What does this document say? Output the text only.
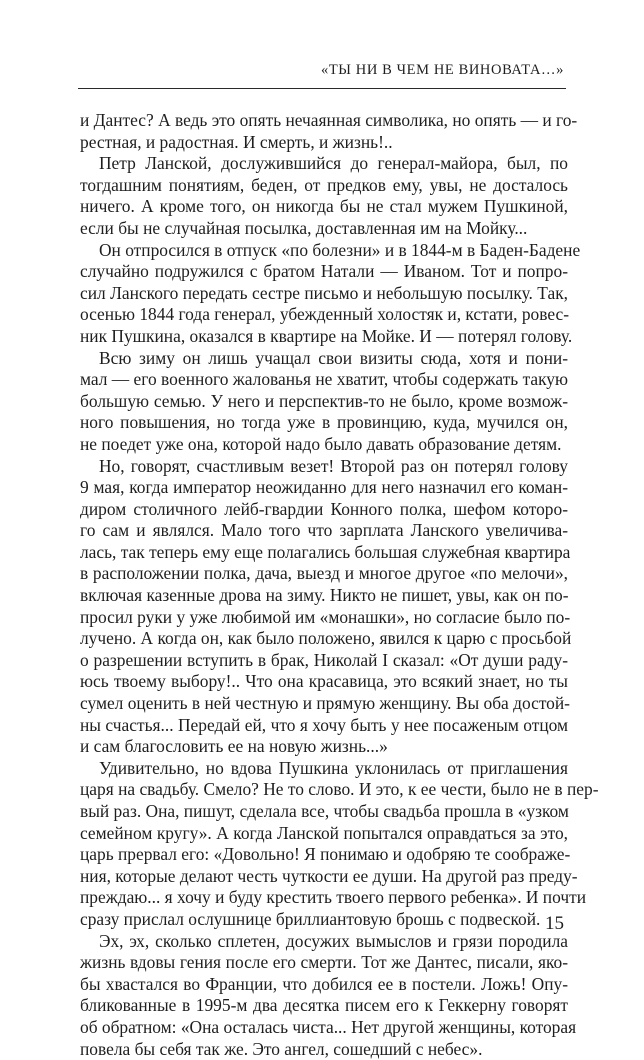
«ТЫ НИ В ЧЕМ НЕ ВИНОВАТА…»
и Дантес? А ведь это опять нечаянная символика, но опять — и го-
рестная, и радостная. И смерть, и жизнь!..
Петр Ланской, дослужившийся до генерал-майора, был, по
тогдашним понятиям, беден, от предков ему, увы, не досталось
ничего. А кроме того, он никогда бы не стал мужем Пушкиной,
если бы не случайная посылка, доставленная им на Мойку...
Он отпросился в отпуск «по болезни» и в 1844-м в Баден-Бадене
случайно подружился с братом Натали — Иваном. Тот и попро-
сил Ланского передать сестре письмо и небольшую посылку. Так,
осенью 1844 года генерал, убежденный холостяк и, кстати, ровес-
ник Пушкина, оказался в квартире на Мойке. И — потерял голову.
Всю зиму он лишь учащал свои визиты сюда, хотя и пони-
мал — его военного жалованья не хватит, чтобы содержать такую
большую семью. У него и перспектив-то не было, кроме возмож-
ного повышения, но тогда уже в провинцию, куда, мучился он,
не поедет уже она, которой надо было давать образование детям.
Но, говорят, счастливым везет! Второй раз он потерял голову
9 мая, когда император неожиданно для него назначил его коман-
диром столичного лейб-гвардии Конного полка, шефом которо-
го сам и являлся. Мало того что зарплата Ланского увеличива-
лась, так теперь ему еще полагались большая служебная квартира
в расположении полка, дача, выезд и многое другое «по мелочи»,
включая казенные дрова на зиму. Никто не пишет, увы, как он по-
просил руки у уже любимой им «монашки», но согласие было по-
лучено. А когда он, как было положено, явился к царю с просьбой
о разрешении вступить в брак, Николай I сказал: «От души раду-
юсь твоему выбору!.. Что она красавица, это всякий знает, но ты
сумел оценить в ней честную и прямую женщину. Вы оба достой-
ны счастья... Передай ей, что я хочу быть у нее посаженым отцом
и сам благословить ее на новую жизнь...»
Удивительно, но вдова Пушкина уклонилась от приглашения
царя на свадьбу. Смело? Не то слово. И это, к ее чести, было не в пер-
вый раз. Она, пишут, сделала все, чтобы свадьба прошла в «узком
семейном кругу». А когда Ланской попытался оправдаться за это,
царь прервал его: «Довольно! Я понимаю и одобряю те соображе-
ния, которые делают честь чуткости ее души. На другой раз преду-
преждаю... я хочу и буду крестить твоего первого ребенка». И почти
сразу прислал ослушнице бриллиантовую брошь с подвеской.
Эх, эх, сколько сплетен, досужих вымыслов и грязи породила
жизнь вдовы гения после его смерти. Тот же Дантес, писали, яко-
бы хвастался во Франции, что добился ее в постели. Ложь! Опу-
бликованные в 1995-м два десятка писем его к Геккерну говорят
об обратном: «Она осталась чиста... Нет другой женщины, которая
повела бы себя так же. Это ангел, сошедший с небес».
15
